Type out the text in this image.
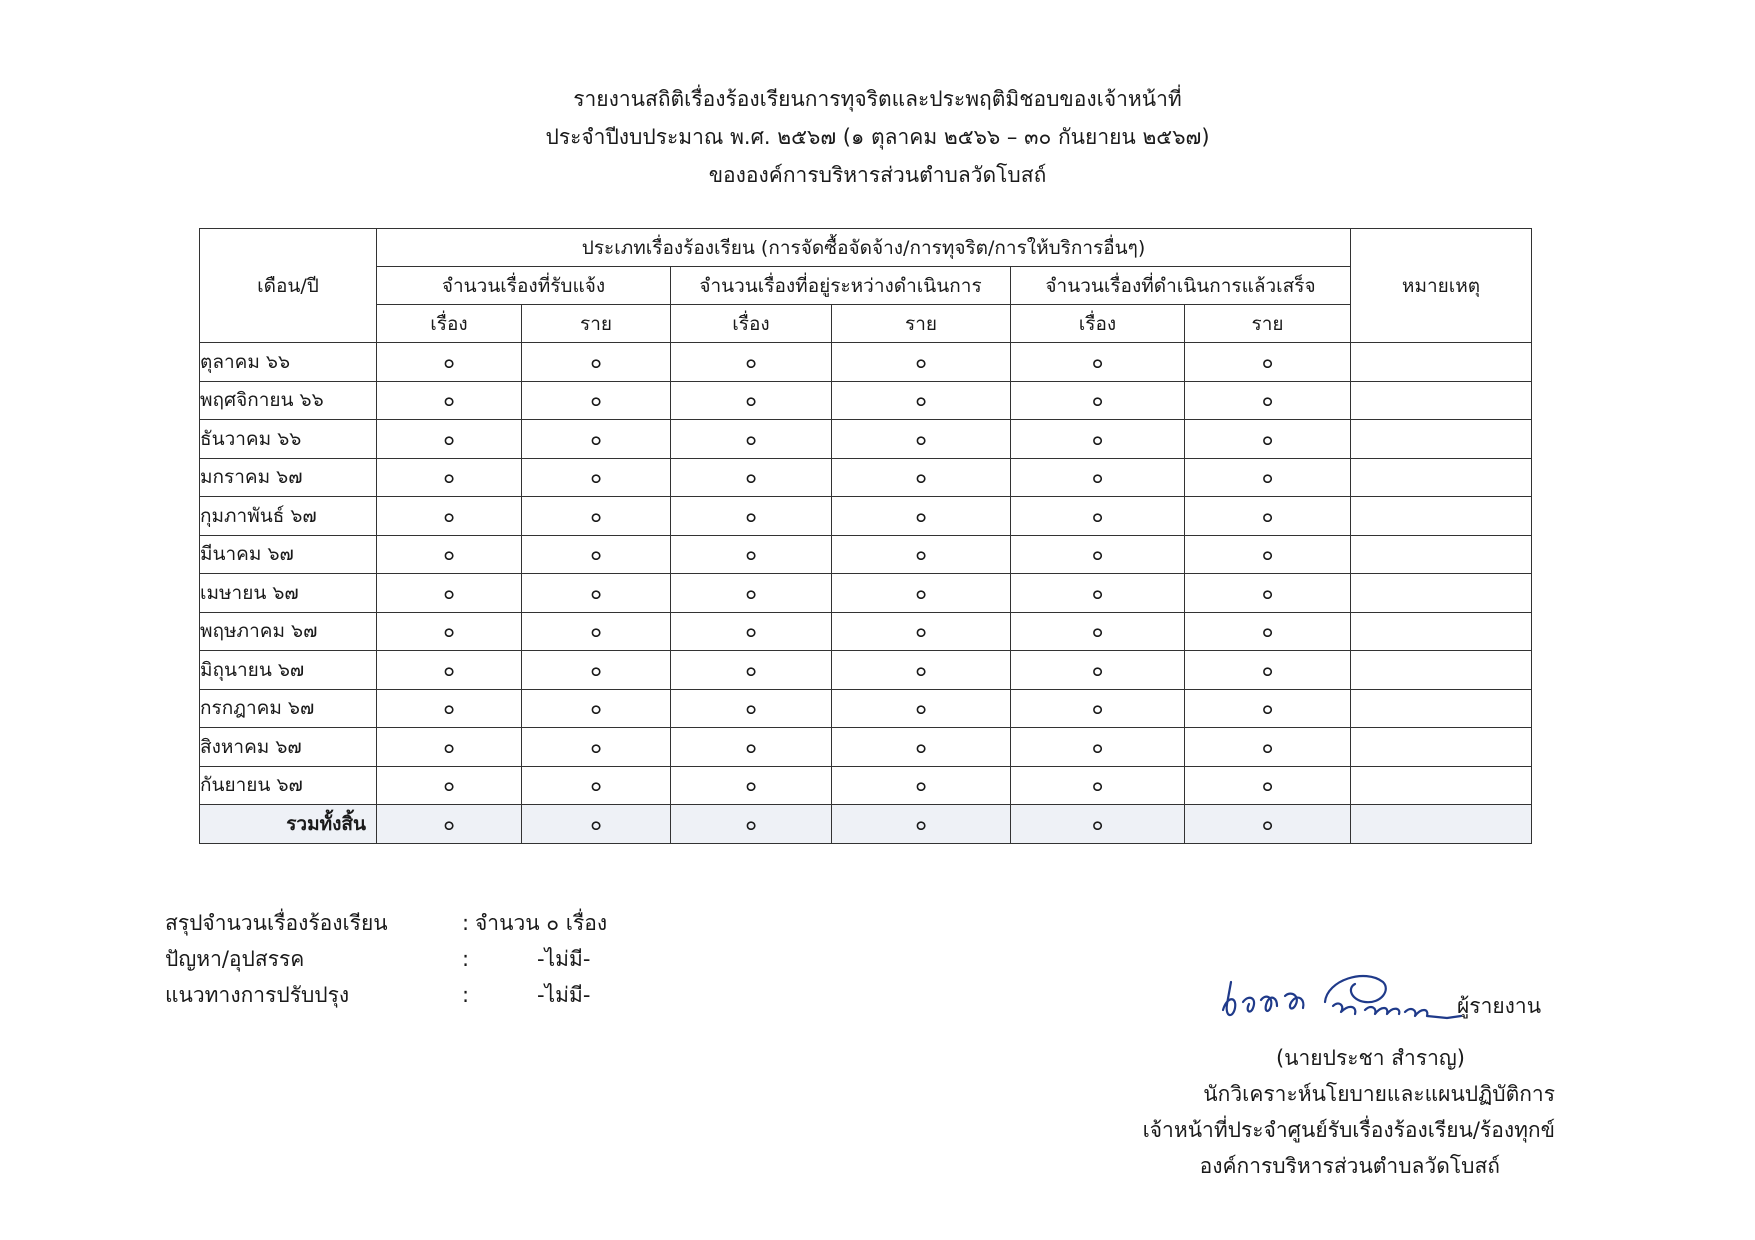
รายงานสถิติเรื่องร้องเรียนการทุจริตและประพฤติมิชอบของเจ้าหน้าที่
ประจำปีงบประมาณ พ.ศ. ๒๕๖๗ (๑ ตุลาคม ๒๕๖๖ – ๓๐ กันยายน ๒๕๖๗)
ขององค์การบริหารส่วนตำบลวัดโบสถ์
เดือน/ปี	ประเภทเรื่องร้องเรียน (การจัดซื้อจัดจ้าง/การทุจริต/การให้บริการอื่นๆ)						หมายเหตุ
	จำนวนเรื่องที่รับแจ้ง		จำนวนเรื่องที่อยู่ระหว่างดำเนินการ		จำนวนเรื่องที่ดำเนินการแล้วเสร็จ		
	เรื่อง	ราย	เรื่อง	ราย	เรื่อง	ราย	
ตุลาคม ๖๖	๐	๐	๐	๐	๐	๐	
พฤศจิกายน ๖๖	๐	๐	๐	๐	๐	๐	
ธันวาคม ๖๖	๐	๐	๐	๐	๐	๐	
มกราคม ๖๗	๐	๐	๐	๐	๐	๐	
กุมภาพันธ์ ๖๗	๐	๐	๐	๐	๐	๐	
มีนาคม ๖๗	๐	๐	๐	๐	๐	๐	
เมษายน ๖๗	๐	๐	๐	๐	๐	๐	
พฤษภาคม ๖๗	๐	๐	๐	๐	๐	๐	
มิถุนายน ๖๗	๐	๐	๐	๐	๐	๐	
กรกฎาคม ๖๗	๐	๐	๐	๐	๐	๐	
สิงหาคม ๖๗	๐	๐	๐	๐	๐	๐	
กันยายน ๖๗	๐	๐	๐	๐	๐	๐	
รวมทั้งสิ้น	๐	๐	๐	๐	๐	๐	
สรุปจำนวนเรื่องร้องเรียน	: จำนวน ๐ เรื่อง
ปัญหา/อุปสรรค	:	-ไม่มี-
แนวทางการปรับปรุง	:	-ไม่มี-	ผู้รายงาน
(นายประชา สำราญ)
นักวิเคราะห์นโยบายและแผนปฏิบัติการ
เจ้าหน้าที่ประจำศูนย์รับเรื่องร้องเรียน/ร้องทุกข์
องค์การบริหารส่วนตำบลวัดโบสถ์
